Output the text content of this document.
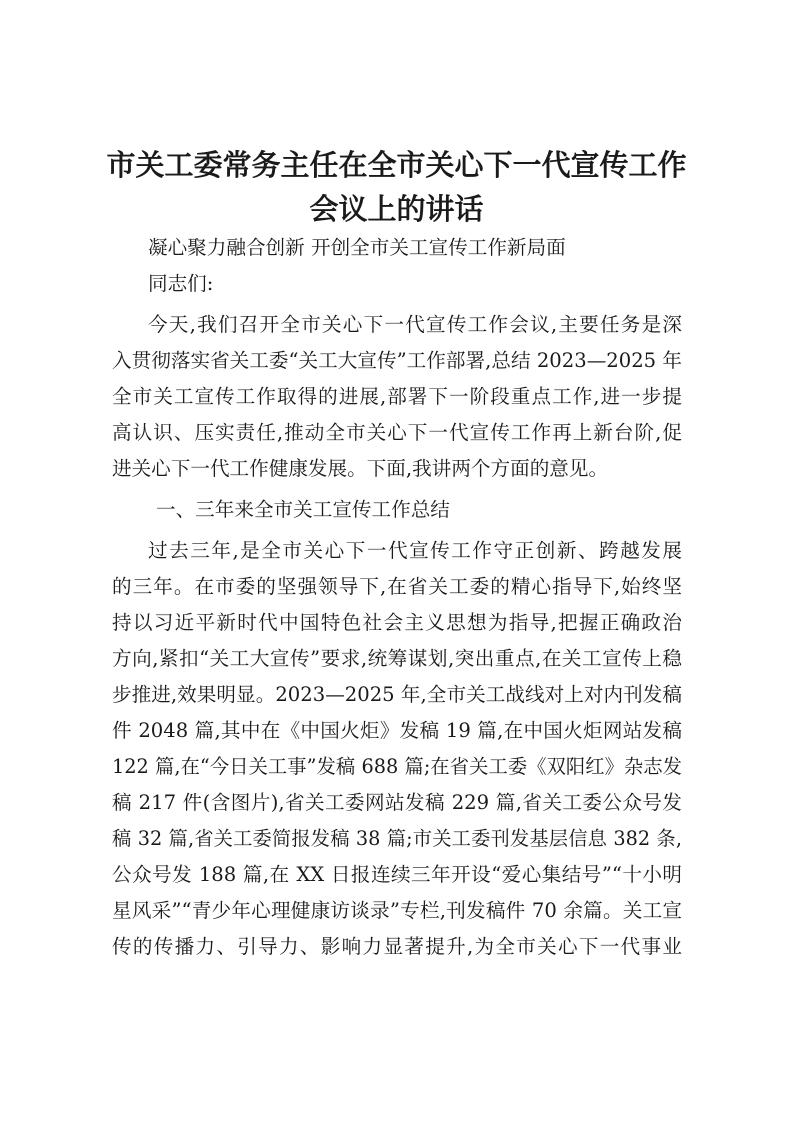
市关工委常务主任在全市关心下一代宣传工作
会议上的讲话
凝心聚力融合创新 开创全市关工宣传工作新局面
同志们:
今天,我们召开全市关心下一代宣传工作会议,主要任务是深
入贯彻落实省关工委“关工大宣传”工作部署,总结 2023—2025 年
全市关工宣传工作取得的进展,部署下一阶段重点工作,进一步提
高认识、压实责任,推动全市关心下一代宣传工作再上新台阶,促
进关心下一代工作健康发展。下面,我讲两个方面的意见。
一、三年来全市关工宣传工作总结
过去三年,是全市关心下一代宣传工作守正创新、跨越发展
的三年。在市委的坚强领导下,在省关工委的精心指导下,始终坚
持以习近平新时代中国特色社会主义思想为指导,把握正确政治
方向,紧扣“关工大宣传”要求,统筹谋划,突出重点,在关工宣传上稳
步推进,效果明显。2023—2025 年,全市关工战线对上对内刊发稿
件 2048 篇,其中在《中国火炬》发稿 19 篇,在中国火炬网站发稿
122 篇,在“今日关工事”发稿 688 篇;在省关工委《双阳红》杂志发
稿 217 件(含图片),省关工委网站发稿 229 篇,省关工委公众号发
稿 32 篇,省关工委简报发稿 38 篇;市关工委刊发基层信息 382 条,
公众号发 188 篇,在 XX 日报连续三年开设“爱心集结号”“十小明
星风采”“青少年心理健康访谈录”专栏,刊发稿件 70 余篇。关工宣
传的传播力、引导力、影响力显著提升,为全市关心下一代事业
